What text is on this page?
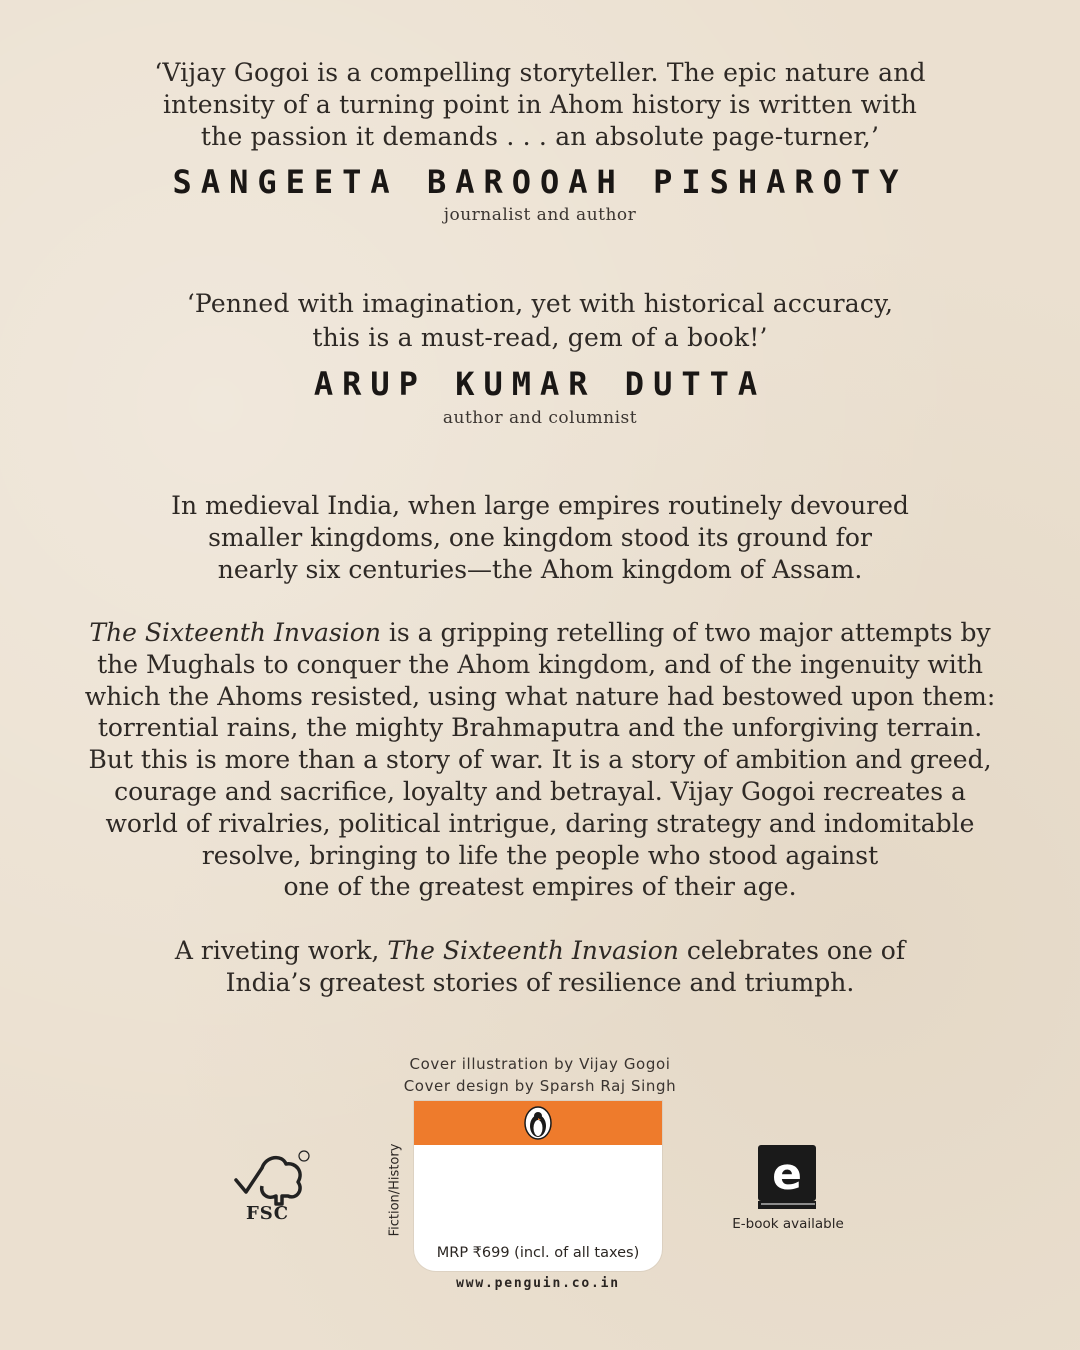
‘Vijay Gogoi is a compelling storyteller. The epic nature and
intensity of a turning point in Ahom history is written with
the passion it demands . . . an absolute page-turner,’
SANGEETA BAROOAH PISHAROTY
journalist and author
‘Penned with imagination, yet with historical accuracy,
this is a must-read, gem of a book!’
ARUP KUMAR DUTTA
author and columnist
In medieval India, when large empires routinely devoured
smaller kingdoms, one kingdom stood its ground for
nearly six centuries—the Ahom kingdom of Assam.
The Sixteenth Invasion is a gripping retelling of two major attempts by
the Mughals to conquer the Ahom kingdom, and of the ingenuity with
which the Ahoms resisted, using what nature had bestowed upon them:
torrential rains, the mighty Brahmaputra and the unforgiving terrain.
But this is more than a story of war. It is a story of ambition and greed,
courage and sacrifice, loyalty and betrayal. Vijay Gogoi recreates a
world of rivalries, political intrigue, daring strategy and indomitable
resolve, bringing to life the people who stood against
one of the greatest empires of their age.
A riveting work, The Sixteenth Invasion celebrates one of
India’s greatest stories of resilience and triumph.
Cover illustration by Vijay Gogoi
Cover design by Sparsh Raj Singh
FSC	Fiction/History
MRP ₹699 (incl. of all taxes)
www.penguin.co.in
e
E-book available
